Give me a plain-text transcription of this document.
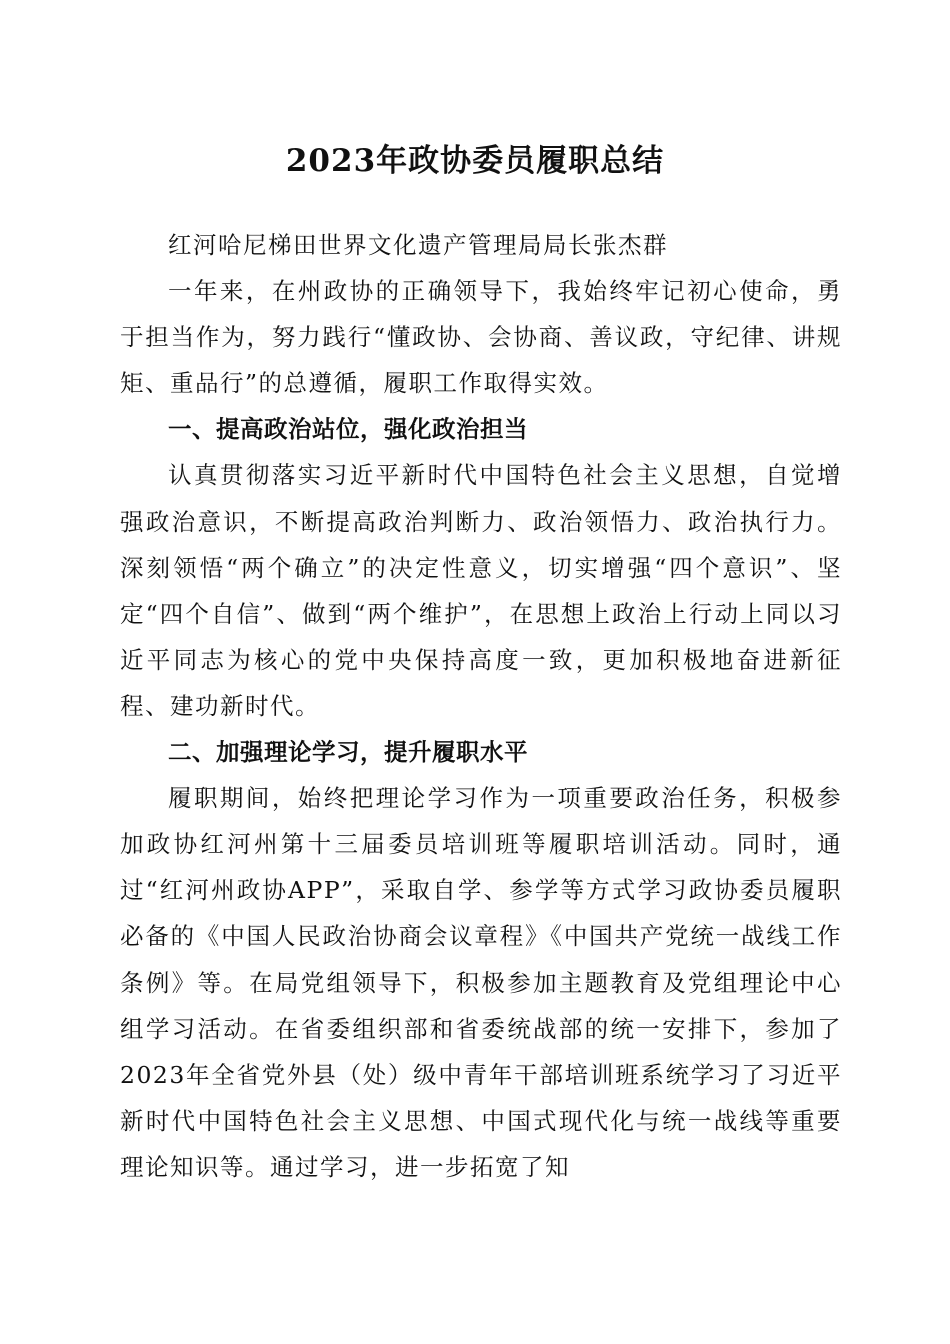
2023年政协委员履职总结

红河哈尼梯田世界文化遗产管理局局长张杰群

一年来，在州政协的正确领导下，我始终牢记初心使命，勇于担当作为，努力践行“懂政协、会协商、善议政，守纪律、讲规矩、重品行”的总遵循，履职工作取得实效。

一、提高政治站位，强化政治担当

认真贯彻落实习近平新时代中国特色社会主义思想，自觉增强政治意识，不断提高政治判断力、政治领悟力、政治执行力。深刻领悟“两个确立”的决定性意义，切实增强“四个意识”、坚定“四个自信”、做到“两个维护”，在思想上政治上行动上同以习近平同志为核心的党中央保持高度一致，更加积极地奋进新征程、建功新时代。

二、加强理论学习，提升履职水平

履职期间，始终把理论学习作为一项重要政治任务，积极参加政协红河州第十三届委员培训班等履职培训活动。同时，通过“红河州政协APP”，采取自学、参学等方式学习政协委员履职必备的《中国人民政治协商会议章程》《中国共产党统一战线工作条例》等。在局党组领导下，积极参加主题教育及党组理论中心组学习活动。在省委组织部和省委统战部的统一安排下，参加了2023年全省党外县（处）级中青年干部培训班系统学习了习近平新时代中国特色社会主义思想、中国式现代化与统一战线等重要理论知识等。通过学习，进一步拓宽了知
